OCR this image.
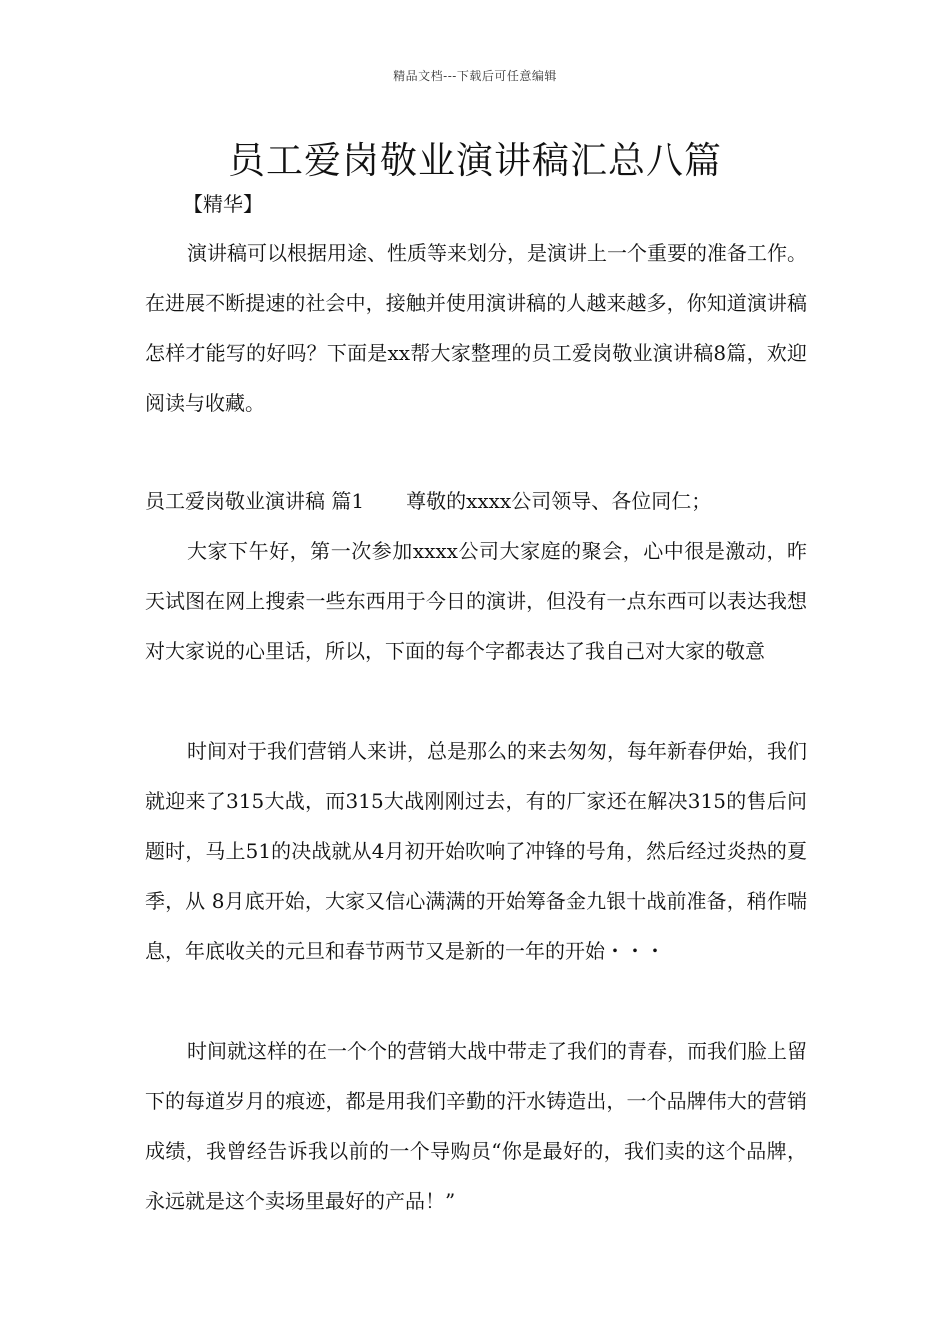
精品文档---下载后可任意编辑
员工爱岗敬业演讲稿汇总八篇
【精华】

演讲稿可以根据用途、性质等来划分，是演讲上一个重要的准备工作。在进展不断提速的社会中，接触并使用演讲稿的人越来越多，你知道演讲稿怎样才能写的好吗？下面是xx帮大家整理的员工爱岗敬业演讲稿8篇，欢迎阅读与收藏。

员工爱岗敬业演讲稿 篇1 尊敬的xxxx公司领导、各位同仁；

大家下午好，第一次参加xxxx公司大家庭的聚会，心中很是激动，昨天试图在网上搜索一些东西用于今日的演讲，但没有一点东西可以表达我想对大家说的心里话，所以，下面的每个字都表达了我自己对大家的敬意

时间对于我们营销人来讲，总是那么的来去匆匆，每年新春伊始，我们就迎来了315大战，而315大战刚刚过去，有的厂家还在解决315的售后问题时，马上51的决战就从4月初开始吹响了冲锋的号角，然后经过炎热的夏季，从 8月底开始，大家又信心满满的开始筹备金九银十战前准备，稍作喘息，年底收关的元旦和春节两节又是新的一年的开始・・・

时间就这样的在一个个的营销大战中带走了我们的青春，而我们脸上留下的每道岁月的痕迹，都是用我们辛勤的汗水铸造出，一个品牌伟大的营销成绩，我曾经告诉我以前的一个导购员“你是最好的，我们卖的这个品牌，永远就是这个卖场里最好的产品！”
